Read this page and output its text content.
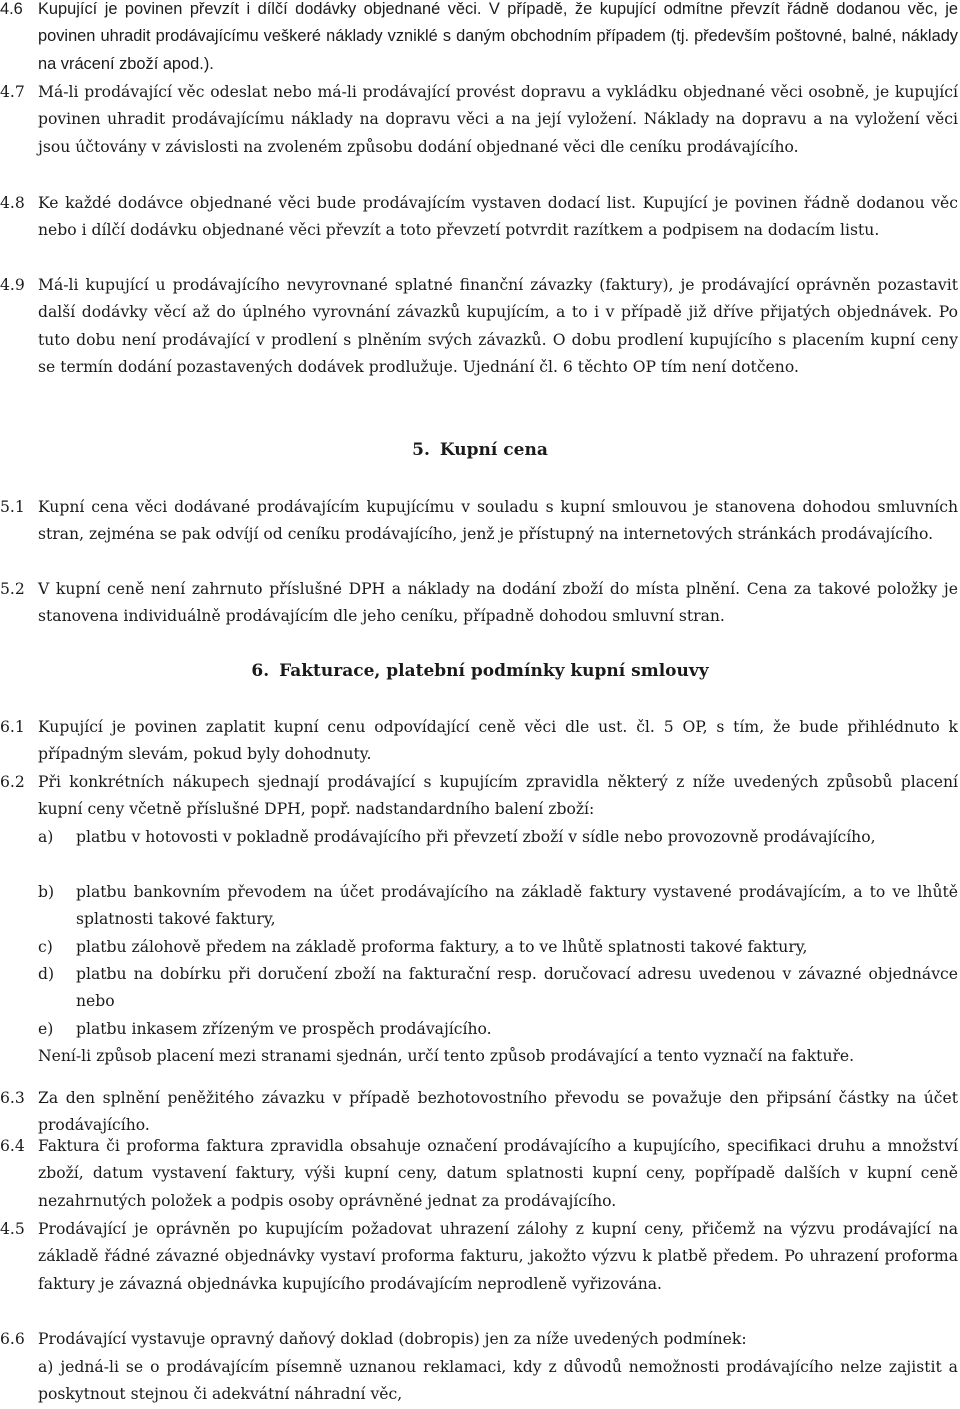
4.6 Kupující je povinen převzít i dílčí dodávky objednané věci. V případě, že kupující odmítne převzít řádně dodanou věc, je povinen uhradit prodávajícímu veškeré náklady vzniklé s daným obchodním případem (tj. především poštovné, balné, náklady na vrácení zboží apod.).
4.7 Má-li prodávající věc odeslat nebo má-li prodávající provést dopravu a vykládku objednané věci osobně, je kupující povinen uhradit prodávajícímu náklady na dopravu věci a na její vyložení. Náklady na dopravu a na vyložení věci jsou účtovány v závislosti na zvoleném způsobu dodání objednané věci dle ceníku prodávajícího.
4.8 Ke každé dodávce objednané věci bude prodávajícím vystaven dodací list. Kupující je povinen řádně dodanou věc nebo i dílčí dodávku objednané věci převzít a toto převzetí potvrdit razítkem a podpisem na dodacím listu.
4.9 Má-li kupující u prodávajícího nevyrovnané splatné finanční závazky (faktury), je prodávající oprávněn pozastavit další dodávky věcí až do úplného vyrovnání závazků kupujícím, a to i v případě již dříve přijatých objednávek. Po tuto dobu není prodávající v prodlení s plněním svých závazků. O dobu prodlení kupujícího s placením kupní ceny se termín dodání pozastavených dodávek prodlužuje. Ujednání čl. 6 těchto OP tím není dotčeno.
5. Kupní cena
5.1 Kupní cena věci dodávané prodávajícím kupujícímu v souladu s kupní smlouvou je stanovena dohodou smluvních stran, zejména se pak odvíjí od ceníku prodávajícího, jenž je přístupný na internetových stránkách prodávajícího.
5.2 V kupní ceně není zahrnuto příslušné DPH a náklady na dodání zboží do místa plnění. Cena za takové položky je stanovena individuálně prodávajícím dle jeho ceníku, případně dohodou smluvní stran.
6. Fakturace, platební podmínky kupní smlouvy
6.1 Kupující je povinen zaplatit kupní cenu odpovídající ceně věci dle ust. čl. 5 OP, s tím, že bude přihlédnuto k případným slevám, pokud byly dohodnuty.
6.2 Při konkrétních nákupech sjednají prodávající s kupujícím zpravidla některý z níže uvedených způsobů placení kupní ceny včetně příslušné DPH, popř. nadstandardního balení zboží:
a) platbu v hotovosti v pokladně prodávajícího při převzetí zboží v sídle nebo provozovně prodávajícího,
b) platbu bankovním převodem na účet prodávajícího na základě faktury vystavené prodávajícím, a to ve lhůtě splatnosti takové faktury,
c) platbu zálohově předem na základě proforma faktury, a to ve lhůtě splatnosti takové faktury,
d) platbu na dobírku při doručení zboží na fakturační resp. doručovací adresu uvedenou v závazné objednávce nebo
e) platbu inkasem zřízeným ve prospěch prodávajícího.
Není-li způsob placení mezi stranami sjednán, určí tento způsob prodávající a tento vyznačí na faktuře.
6.3 Za den splnění peněžitého závazku v případě bezhotovostního převodu se považuje den připsání částky na účet prodávajícího.
6.4 Faktura či proforma faktura zpravidla obsahuje označení prodávajícího a kupujícího, specifikaci druhu a množství zboží, datum vystavení faktury, výši kupní ceny, datum splatnosti kupní ceny, popřípadě dalších v kupní ceně nezahrnutých položek a podpis osoby oprávněné jednat za prodávajícího.
4.5 Prodávající je oprávněn po kupujícím požadovat uhrazení zálohy z kupní ceny, přičemž na výzvu prodávající na základě řádné závazné objednávky vystaví proforma fakturu, jakožto výzvu k platbě předem. Po uhrazení proforma faktury je závazná objednávka kupujícího prodávajícím neprodleně vyřizována.
6.6 Prodávající vystavuje opravný daňový doklad (dobropis) jen za níže uvedených podmínek:
a) jedná-li se o prodávajícím písemně uznanou reklamaci, kdy z důvodů nemožnosti prodávajícího nelze zajistit a poskytnout stejnou či adekvátní náhradní věc,
